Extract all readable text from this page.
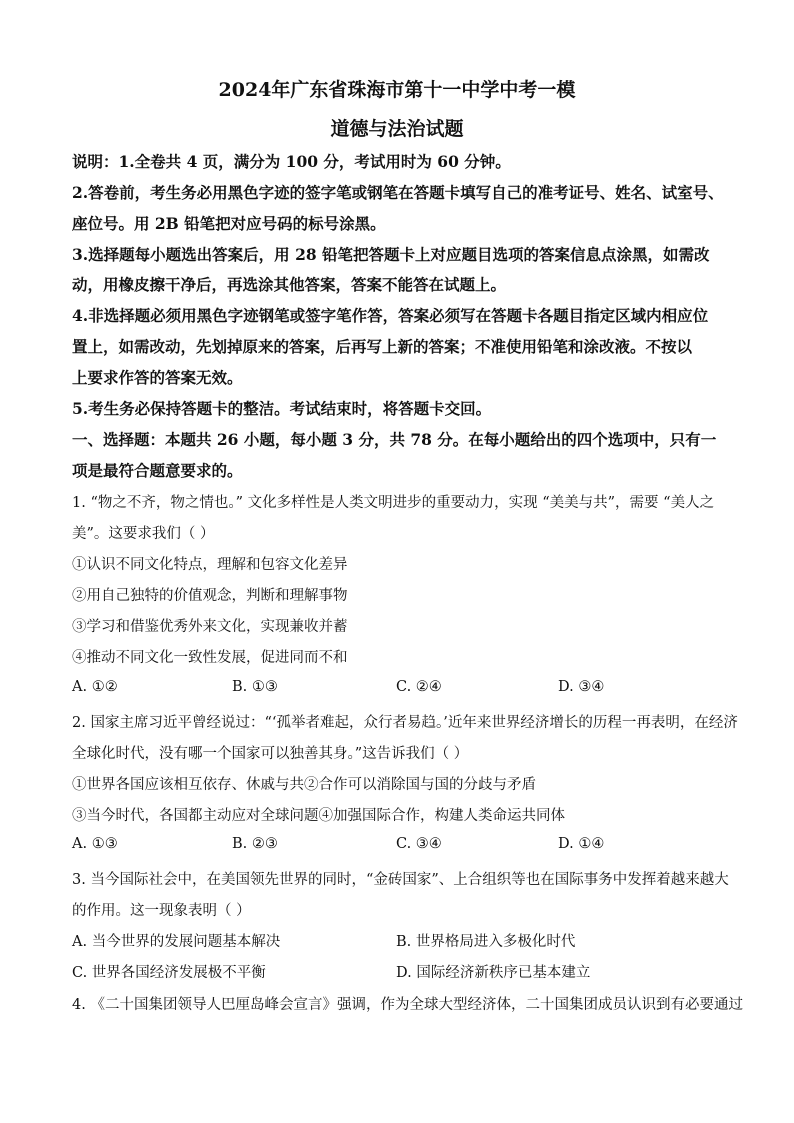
2024年广东省珠海市第十一中学中考一模
道德与法治试题
说明：1.全卷共 4 页，满分为 100 分，考试用时为 60 分钟。
2.答卷前，考生务必用黑色字迹的签字笔或钢笔在答题卡填写自己的准考证号、姓名、试室号、
座位号。用 2B 铅笔把对应号码的标号涂黑。
3.选择题每小题选出答案后，用 28 铅笔把答题卡上对应题目选项的答案信息点涂黑，如需改
动，用橡皮擦干净后，再选涂其他答案，答案不能答在试题上。
4.非选择题必须用黑色字迹钢笔或签字笔作答，答案必须写在答题卡各题目指定区域内相应位
置上，如需改动，先划掉原来的答案，后再写上新的答案；不准使用铅笔和涂改液。不按以
上要求作答的答案无效。
5.考生务必保持答题卡的整洁。考试结束时，将答题卡交回。
一、选择题：本题共 26 小题，每小题 3 分，共 78 分。在每小题给出的四个选项中，只有一
项是最符合题意要求的。
1. “物之不齐，物之情也。” 文化多样性是人类文明进步的重要动力，实现 “美美与共”，需要 “美人之
美”。这要求我们（ ）
①认识不同文化特点，理解和包容文化差异
②用自己独特的价值观念，判断和理解事物
③学习和借鉴优秀外来文化，实现兼收并蓄
④推动不同文化一致性发展，促进同而不和
A. ①②	B. ①③	C. ②④	D. ③④
2. 国家主席习近平曾经说过：“‘孤举者难起，众行者易趋。’近年来世界经济增长的历程一再表明，在经济
全球化时代，没有哪一个国家可以独善其身。”这告诉我们（ ）
①世界各国应该相互依存、休戚与共②合作可以消除国与国的分歧与矛盾
③当今时代，各国都主动应对全球问题④加强国际合作，构建人类命运共同体
A. ①③	B. ②③	C. ③④	D. ①④
3. 当今国际社会中，在美国领先世界的同时，“金砖国家”、上合组织等也在国际事务中发挥着越来越大
的作用。这一现象表明（ ）
A. 当今世界的发展问题基本解决	B. 世界格局进入多极化时代
C. 世界各国经济发展极不平衡	D. 国际经济新秩序已基本建立
4. 《二十国集团领导人巴厘岛峰会宣言》强调，作为全球大型经济体，二十国集团成员认识到有必要通过
